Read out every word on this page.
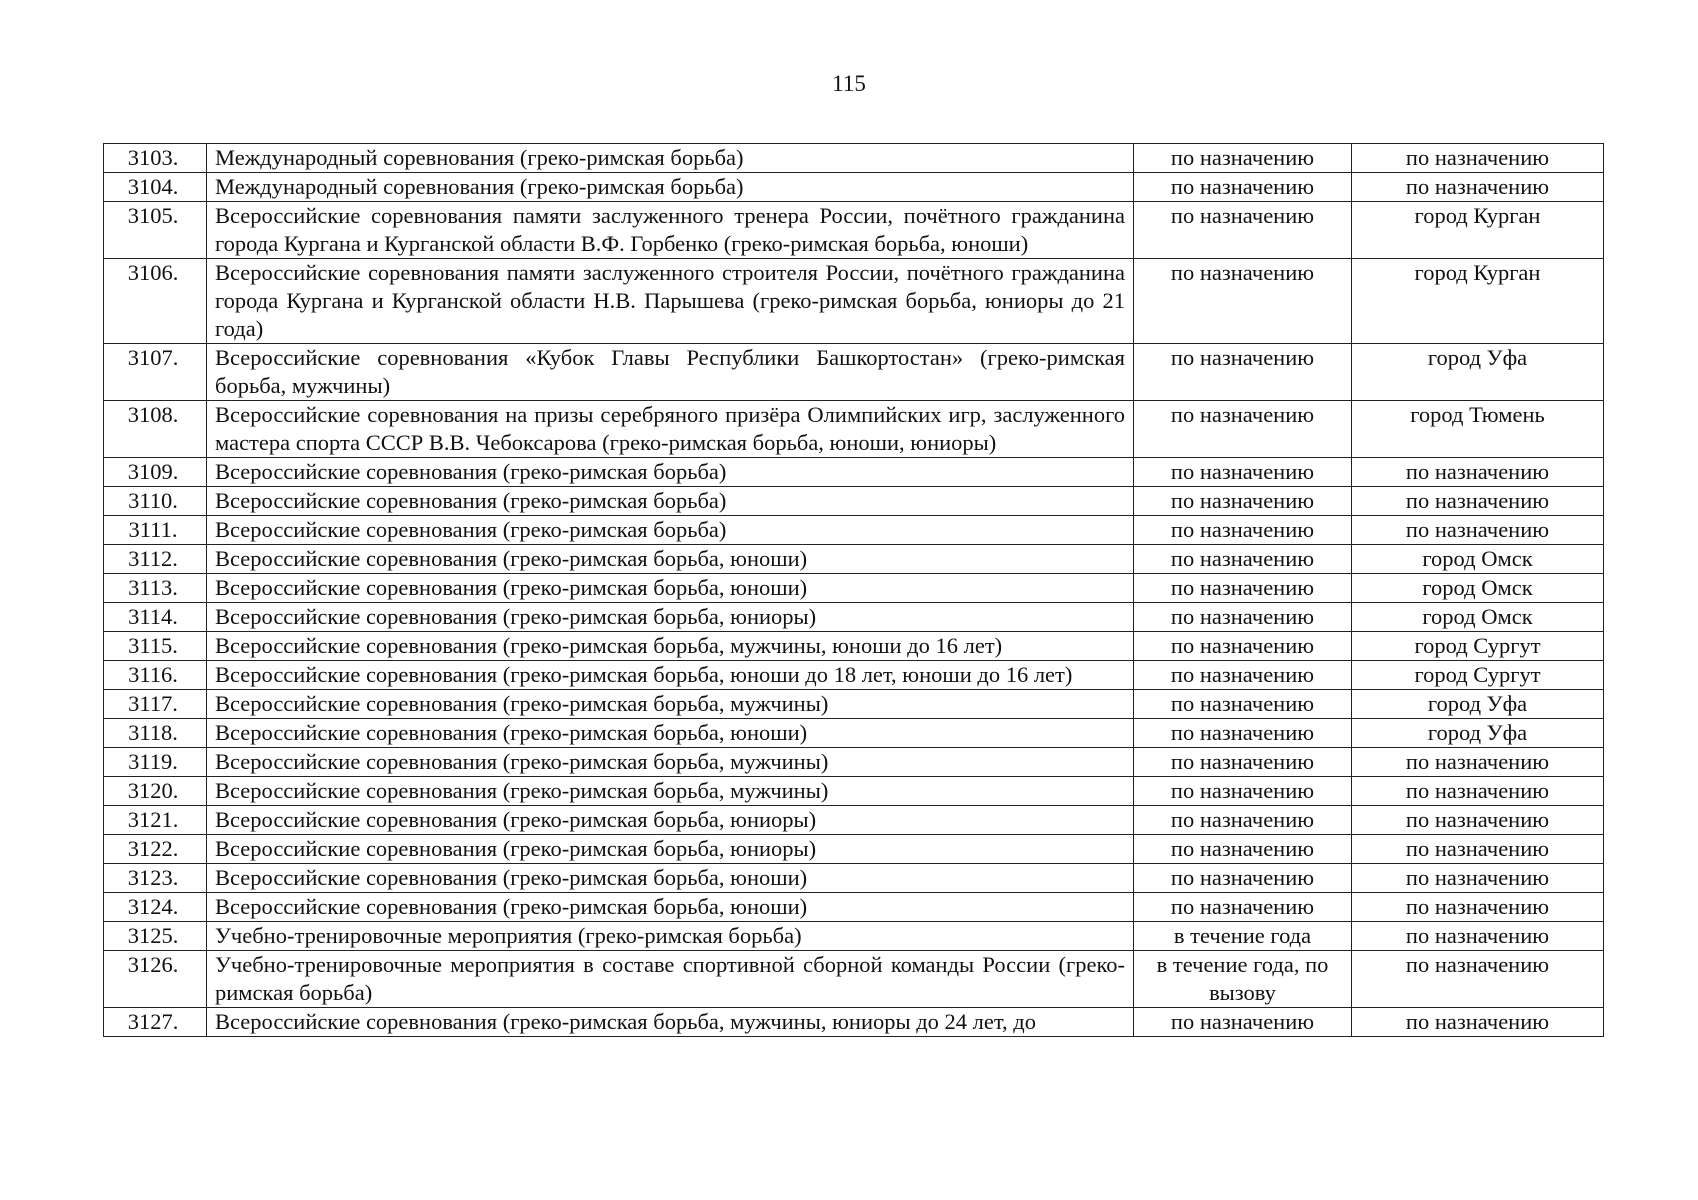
115
3103.	Международный соревнования (греко-римская борьба)	по назначению	по назначению
3104.	Международный соревнования (греко-римская борьба)	по назначению	по назначению
3105.	Всероссийские соревнования памяти заслуженного тренера России, почётного гражданина города Кургана и Курганской области В.Ф. Горбенко (греко-римская борьба, юноши)	по назначению	город Курган
3106.	Всероссийские соревнования памяти заслуженного строителя России, почётного гражданина города Кургана и Курганской области Н.В. Парышева (греко-римская борьба, юниоры до 21 года)	по назначению	город Курган
3107.	Всероссийские соревнования «Кубок Главы Республики Башкортостан» (греко-римская борьба, мужчины)	по назначению	город Уфа
3108.	Всероссийские соревнования на призы серебряного призёра Олимпийских игр, заслуженного мастера спорта СССР В.В. Чебоксарова (греко-римская борьба, юноши, юниоры)	по назначению	город Тюмень
3109.	Всероссийские соревнования (греко-римская борьба)	по назначению	по назначению
3110.	Всероссийские соревнования (греко-римская борьба)	по назначению	по назначению
3111.	Всероссийские соревнования (греко-римская борьба)	по назначению	по назначению
3112.	Всероссийские соревнования (греко-римская борьба, юноши)	по назначению	город Омск
3113.	Всероссийские соревнования (греко-римская борьба, юноши)	по назначению	город Омск
3114.	Всероссийские соревнования (греко-римская борьба, юниоры)	по назначению	город Омск
3115.	Всероссийские соревнования (греко-римская борьба, мужчины, юноши до 16 лет)	по назначению	город Сургут
3116.	Всероссийские соревнования (греко-римская борьба, юноши до 18 лет, юноши до 16 лет)	по назначению	город Сургут
3117.	Всероссийские соревнования (греко-римская борьба, мужчины)	по назначению	город Уфа
3118.	Всероссийские соревнования (греко-римская борьба, юноши)	по назначению	город Уфа
3119.	Всероссийские соревнования (греко-римская борьба, мужчины)	по назначению	по назначению
3120.	Всероссийские соревнования (греко-римская борьба, мужчины)	по назначению	по назначению
3121.	Всероссийские соревнования (греко-римская борьба, юниоры)	по назначению	по назначению
3122.	Всероссийские соревнования (греко-римская борьба, юниоры)	по назначению	по назначению
3123.	Всероссийские соревнования (греко-римская борьба, юноши)	по назначению	по назначению
3124.	Всероссийские соревнования (греко-римская борьба, юноши)	по назначению	по назначению
3125.	Учебно-тренировочные мероприятия (греко-римская борьба)	в течение года	по назначению
3126.	Учебно-тренировочные мероприятия в составе спортивной сборной команды России (греко-римская борьба)	в течение года, по вызову	по назначению
3127.	Всероссийские соревнования (греко-римская борьба, мужчины, юниоры до 24 лет, до	по назначению	по назначению
